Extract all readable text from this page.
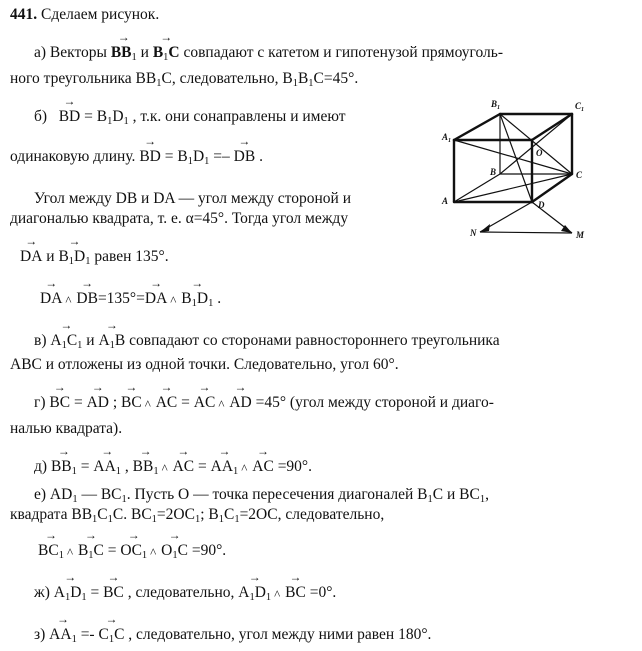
441. Сделаем рисунок.
а) Векторы → $BB_1$ $и \to B_1C$ совпадают с катетом и гипотенузой прямоуголь-
ного треугольника $BB_1C$, следовательно, $B_1B_1C=45^\circ$.
б)   → BD = $B_1D_1$ , т.к. они сонаправлены и имеют
одинаковую длину. → BD = $B_1D_1$ =– → DB .
Угол между DB и DA — угол между стороной и
диагональю квадрата, т. е. α=45°. Тогда угол между
→ DA $и \to B_1D_1$ равен 135°.
→ $DA\to DB=135^\circ=\to DA\to B_1D_1$ .
$в) \to A_1C_1$ $и \to A_1B$ совпадают со сторонами равностороннего треугольника
ABC и отложены из одной точки. Следовательно, угол 60°.
г) → BC = → AD ; → BC→ AC = → AC→ AD =45° (угол между стороной и диаго-
налью квадрата).
$д) \to BB_1$ = → $AA_1$ , → $BB_1\to$ AC = → $AA_1\to$ AC =90°.
е) $AD_1$ — $BC_1$. Пусть O — точка пересечения диагоналей $B_1C$ и $BC_1$,
квадрата $BB_1C_1C$. $BC_1=2OC_1$; $B_1C_1=2OC$, следовательно,
→ $BC_1\to B_1C$ = → $OC_1\to O_1C =90^\circ$.
$ж) \to A_1D_1$ = → BC , следовательно, → $A_1D_1\to$ BC =0°.
$з) \to AA_1$ =- → $C_1C$ , следовательно, угол между ними равен 180°.
$B_1$	$C_1$
$A_1$
O
B	C
A	D
N	M
